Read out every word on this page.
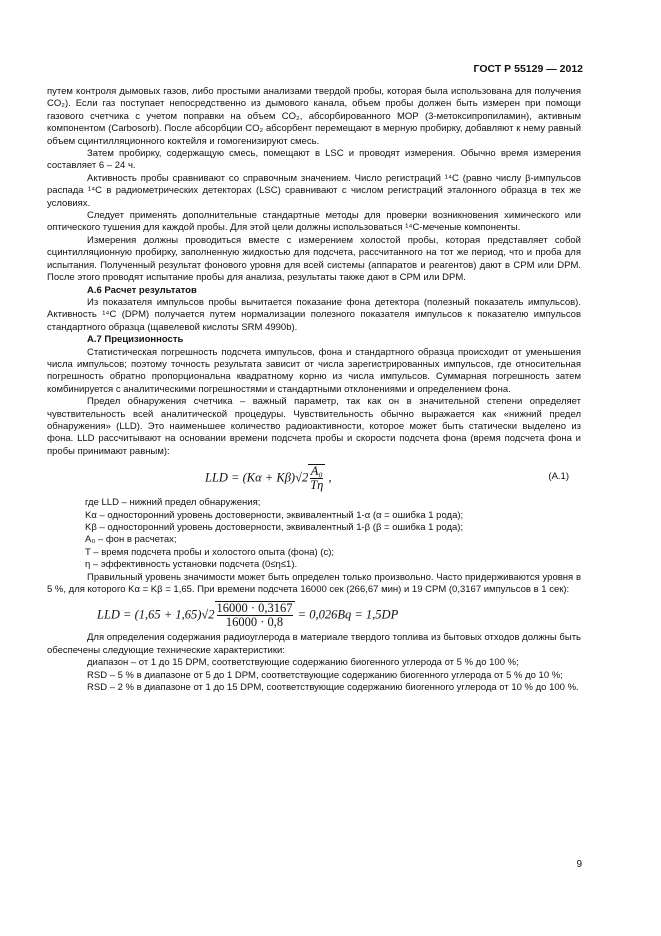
ГОСТ Р 55129 — 2012

путем контроля дымовых газов, либо простыми анализами твердой пробы, которая была использована для получения CO₂). Если газ поступает непосредственно из дымового канала, объем пробы должен быть измерен при помощи газового счетчика с учетом поправки на объем CO₂, абсорбированного МОР (3-метоксипропиламин), активным компонентом (Carbosorb). После абсорбции CO₂ абсорбент перемещают в мерную пробирку, добавляют к нему равный объем сцинтилляционного коктейля и гомогенизируют смесь.

Затем пробирку, содержащую смесь, помещают в LSC и проводят измерения. Обычно время измерения составляет 6 – 24 ч.

Активность пробы сравнивают со справочным значением. Число регистраций ¹⁴C (равно числу β-импульсов распада ¹⁴C в радиометрических детекторах (LSC) сравнивают с числом регистраций эталонного образца в тех же условиях.

Следует применять дополнительные стандартные методы для проверки возникновения химического или оптического тушения для каждой пробы. Для этой цели должны использоваться ¹⁴C-меченые компоненты.

Измерения должны проводиться вместе с измерением холостой пробы, которая представляет собой сцинтилляционную пробирку, заполненную жидкостью для подсчета, рассчитанного на тот же период, что и проба для испытания. Полученный результат фонового уровня для всей системы (аппаратов и реагентов) дают в CPM или DPM. После этого проводят испытание пробы для анализа, результаты также дают в CPM или DPM.

A.6 Расчет результатов

Из показателя импульсов пробы вычитается показание фона детектора (полезный показатель импульсов). Активность ¹⁴C (DPM) получается путем нормализации полезного показателя импульсов к показателю импульсов стандартного образца (щавелевой кислоты SRM 4990b).

A.7 Прецизионность

Статистическая погрешность подсчета импульсов, фона и стандартного образца происходит от уменьшения числа импульсов; поэтому точность результата зависит от числа зарегистрированных импульсов, где относительная погрешность обратно пропорциональна квадратному корню из числа импульсов. Суммарная погрешность затем комбинируется с аналитическими погрешностями и стандартными отклонениями и определением фона.

Предел обнаружения счетчика – важный параметр, так как он в значительной степени определяет чувствительность всей аналитической процедуры. Чувствительность обычно выражается как «нижний предел обнаружения» (LLD). Это наименьшее количество радиоактивности, которое может быть статически выделено из фона. LLD рассчитывают на основании времени подсчета пробы и скорости подсчета фона (время подсчета фона и пробы принимают равным):

LLD = $(K\alpha + K\beta)√2 \frac{\text{A₀}}{T\eta}$ ,	(A.1)
где LLD – нижний предел обнаружения;
Kα – односторонний уровень достоверности, эквивалентный 1-α (α = ошибка 1 рода);
Kβ – односторонний уровень достоверности, эквивалентный 1-β (β = ошибка 1 рода);
A₀ – фон в расчетах;
T – время подсчета пробы и холостого опыта (фона) (с);
η – эффективность установки подсчета (0≤η≤1).

Правильный уровень значимости может быть определен только произвольно. Часто придерживаются уровня в 5 %, для которого Kα = Kβ = 1,65. При времени подсчета 16000 сек (266,67 мин) и 19 CPM (0,3167 импульсов в 1 сек):

LLD = $(1,65 + 1,65)√2 \frac{16000 \cdot 0,3167}{16000 \cdot 0,8} = 0,026Bq = 1,5DP$

Для определения содержания радиоуглерода в материале твердого топлива из бытовых отходов должны быть обеспечены следующие технические характеристики:

диапазон – от 1 до 15 DPM, соответствующие содержанию биогенного углерода от 5 % до 100 %;

RSD – 5 % в диапазоне от 5 до 1 DPM, соответствующие содержанию биогенного углерода от 5 % до 10 %;

RSD – 2 % в диапазоне от 1 до 15 DPM, соответствующие содержанию биогенного углерода от 10 % до 100 %.

9
